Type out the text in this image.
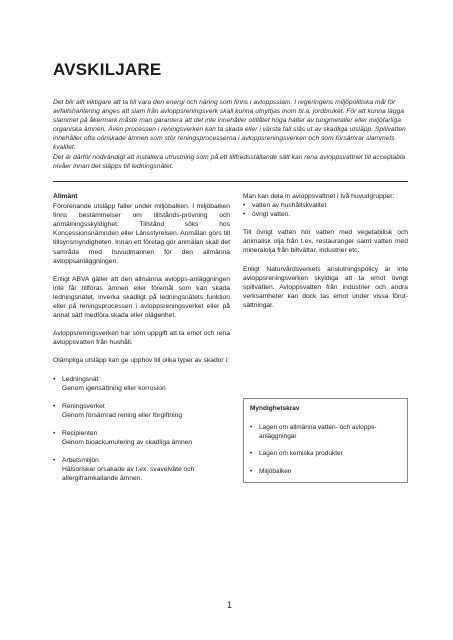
AVSKILJARE

Det blir allt viktigare att ta till vara den energi och näring som finns i avloppsslam. I regeringens miljöpolitiska mål för avfallshantering anges att slam från avloppsreningsverk skall kunna utnyttjas inom bl.a. jordbruket. För att kunna lägga slammet på åkermark måste man garantera att det inte innehåller otillåtet höga halter av tungmetaller eller miljöfarliga organiska ämnen. Även processen i reningsverken kan ta skada eller i värsta fall slås ut av skadliga utsläpp. Spillvatten innehåller ofta oönskade ämnen som stör reningsprocesserna i avloppsreningsverken och som försämrar slammets kvalitet.

Det är därför nödvändigt att installera utrustning som på ett tillfredsställande sätt kan rena avloppsvattnet till acceptabla nivåer innan det släpps till ledningsnätet.

Allmänt

Förorenande utsläpp faller under miljöbalken. I miljöbalken finns bestämmelser om tillstånds-prövning och anmälningsskyldighet. Tillstånd söks hos Koncessionsnämnden eller Länsstyrelsen. Anmälan görs till tillsynsmyndigheten. Innan ett företag gör anmälan skall det samråda med huvudmannen för den allmänna avloppsanläggningen.

Enligt ABVA gäller att den allmänna avlopps-anläggningen inte får tillföras ämnen eller föremål som kan skada ledningsnätet, inverka skadligt på ledningsnätets funktion eller på reningsprocessen i avloppsreningsverket eller på annat sätt medföra skada eller olägenhet.

Avloppsreningsverken har som uppgift att ta emot och rena avloppsvatten från hushåll.

Olämpliga utsläpp kan ge upphov till olika typer av skador i:

• Ledningsnät
Genom igensättning eller korrosion
• Reningsverket
Genom försämrad rening eller förgiftning
• Recipienten
Genom bioackumulering av skadliga ämnen
• Arbetsmiljön
Hälsorisker orsakade av t.ex. svavelväte och allergiframkallande ämnen.

Man kan dela in avloppsvattnet i två huvudgrupper:

• vatten av hushållskvalitet
• övrigt vatten.

Till övrigt vatten hör vatten med vegetabilisk och animalisk olja från t.ex. restauranger samt vatten med mineralolja från biltvättar, industrier etc.

Enligt Naturvårdsverkets anslutningspolicy är inte avloppsreningsverken skyldiga att ta emot övrigt spillvatten. Avloppsvatten från industrier och andra verksamheter kan dock tas emot under vissa förut-sättningar.

Myndighetskrav
• Lagen om allmänna vatten- och avlopps-anläggningar
• Lagen om kemiska produkter
• Miljöbalken
1
